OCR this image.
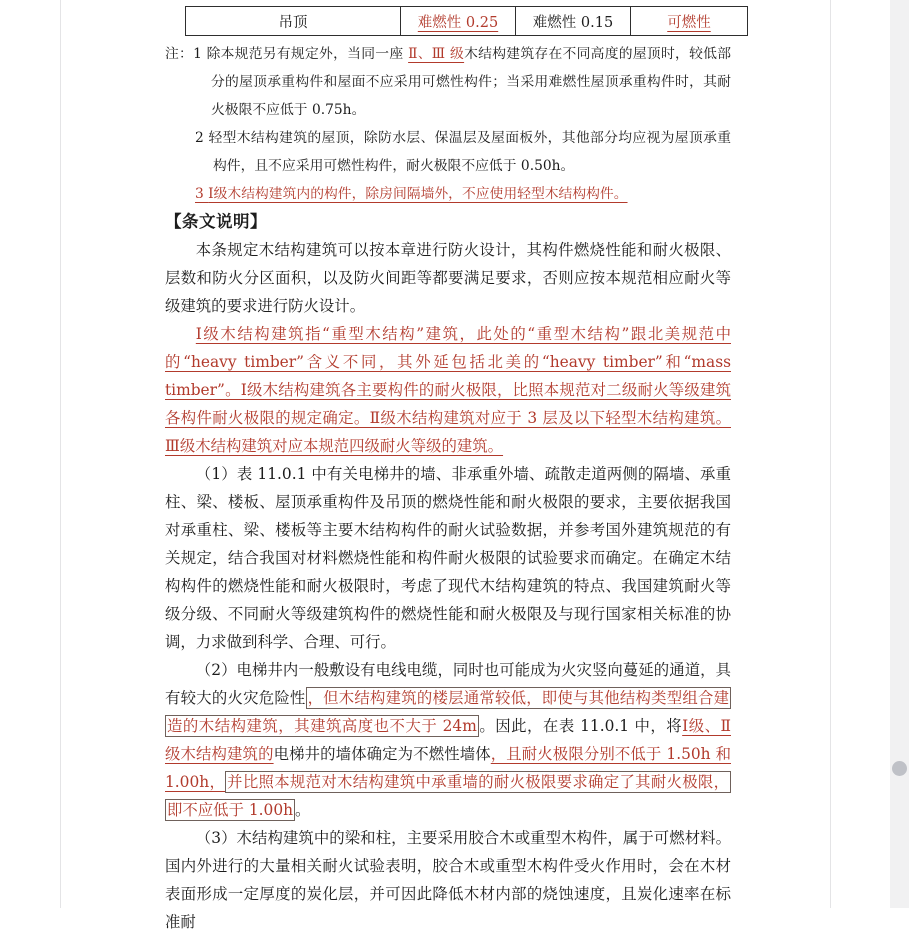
吊顶	难燃性 0.25	难燃性 0.15	可燃性
注：1 除本规范另有规定外，当同一座 Ⅱ、Ⅲ 级木结构建筑存在不同高度的屋顶时，较低部分的屋顶承重构件和屋面不应采用可燃性构件；当采用难燃性屋顶承重构件时，其耐火极限不应低于 0.75h。
2 轻型木结构建筑的屋顶，除防水层、保温层及屋面板外，其他部分均应视为屋顶承重构件，且不应采用可燃性构件，耐火极限不应低于 0.50h。
3 I级木结构建筑内的构件，除房间隔墙外，不应使用轻型木结构构件。
【条文说明】

本条规定木结构建筑可以按本章进行防火设计，其构件燃烧性能和耐火极限、层数和防火分区面积，以及防火间距等都要满足要求，否则应按本规范相应耐火等级建筑的要求进行防火设计。

I级木结构建筑指“重型木结构”建筑，此处的“重型木结构”跟北美规范中的“heavy timber”含义不同，其外延包括北美的“heavy timber”和“mass timber”。I级木结构建筑各主要构件的耐火极限，比照本规范对二级耐火等级建筑各构件耐火极限的规定确定。Ⅱ级木结构建筑对应于 3 层及以下轻型木结构建筑。Ⅲ级木结构建筑对应本规范四级耐火等级的建筑。

（1）表 11.0.1 中有关电梯井的墙、非承重外墙、疏散走道两侧的隔墙、承重柱、梁、楼板、屋顶承重构件及吊顶的燃烧性能和耐火极限的要求，主要依据我国对承重柱、梁、楼板等主要木结构构件的耐火试验数据，并参考国外建筑规范的有关规定，结合我国对材料燃烧性能和构件耐火极限的试验要求而确定。在确定木结构构件的燃烧性能和耐火极限时，考虑了现代木结构建筑的特点、我国建筑耐火等级分级、不同耐火等级建筑构件的燃烧性能和耐火极限及与现行国家相关标准的协调，力求做到科学、合理、可行。

（2）电梯井内一般敷设有电线电缆，同时也可能成为火灾竖向蔓延的通道，具有较大的火灾危险性 ，但木结构建筑的楼层通常较低，即使与其他结构类型组合建造的木结构建筑，其建筑高度也不大于 24m 。因此，在表 11.0.1 中，将I级、Ⅱ 级木结构建筑的电梯井的墙体确定为不燃性墙体，且耐火极限分别不低于 1.50h 和 1.00h， 并比照本规范对木结构建筑中承重墙的耐火极限要求确定了其耐火极限，即不应低于 1.00h 。

（3）木结构建筑中的梁和柱，主要采用胶合木或重型木构件，属于可燃材料。国内外进行的大量相关耐火试验表明，胶合木或重型木构件受火作用时，会在木材表面形成一定厚度的炭化层，并可因此降低木材内部的烧蚀速度，且炭化速率在标准耐
